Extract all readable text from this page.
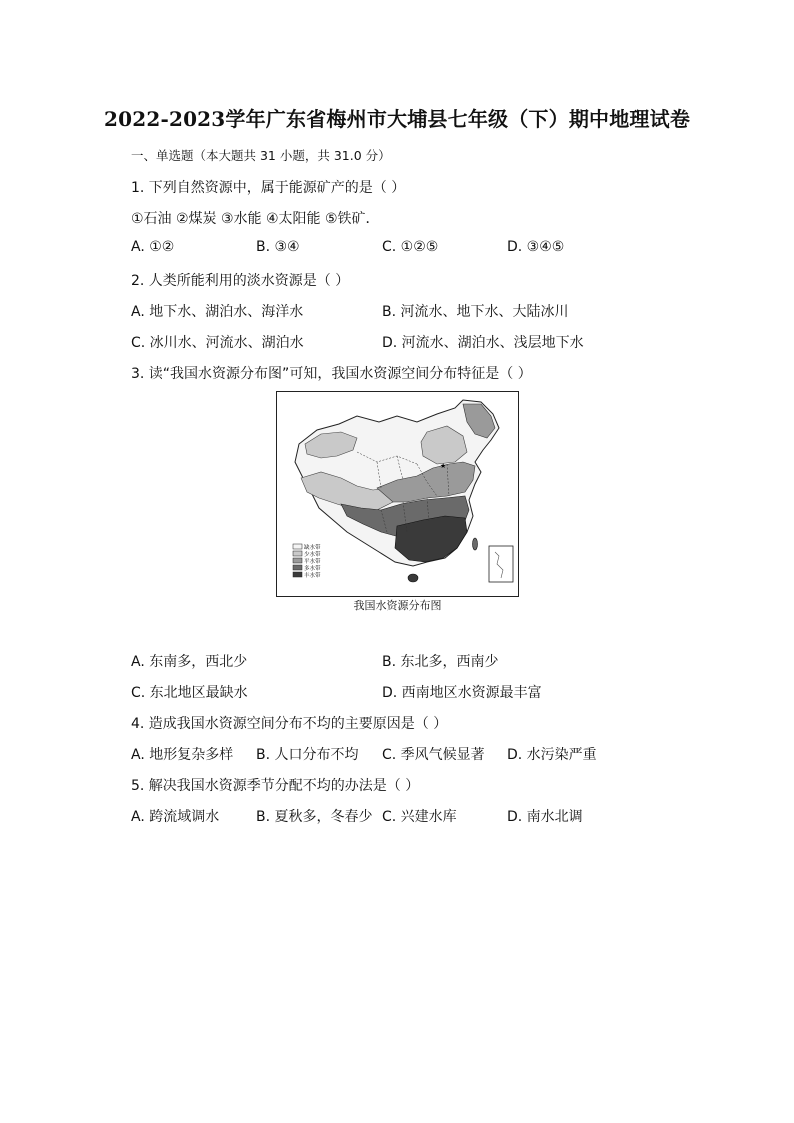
2022-2023学年广东省梅州市大埔县七年级（下）期中地理试卷
一、单选题（本大题共 31 小题，共 31.0 分）
1. 下列自然资源中，属于能源矿产的是（ ）
①石油 ②煤炭 ③水能 ④太阳能 ⑤铁矿．
A. ①②	B. ③④	C. ①②⑤	D. ③④⑤
2. 人类所能利用的淡水资源是（ ）
A. 地下水、湖泊水、海洋水	B. 河流水、地下水、大陆冰川
C. 冰川水、河流水、湖泊水	D. 河流水、湖泊水、浅层地下水
3. 读“我国水资源分布图”可知，我国水资源空间分布特征是（ ）
★
缺水带
少水带
平水带
多水带
丰水带
我国水资源分布图
A. 东南多，西北少	B. 东北多，西南少
C. 东北地区最缺水	D. 西南地区水资源最丰富
4. 造成我国水资源空间分布不均的主要原因是（ ）
A. 地形复杂多样 B. 人口分布不均 C. 季风气候显著 D. 水污染严重
5. 解决我国水资源季节分配不均的办法是（ ）
A. 跨流域调水	B. 夏秋多，冬春少 C. 兴建水库	D. 南水北调
